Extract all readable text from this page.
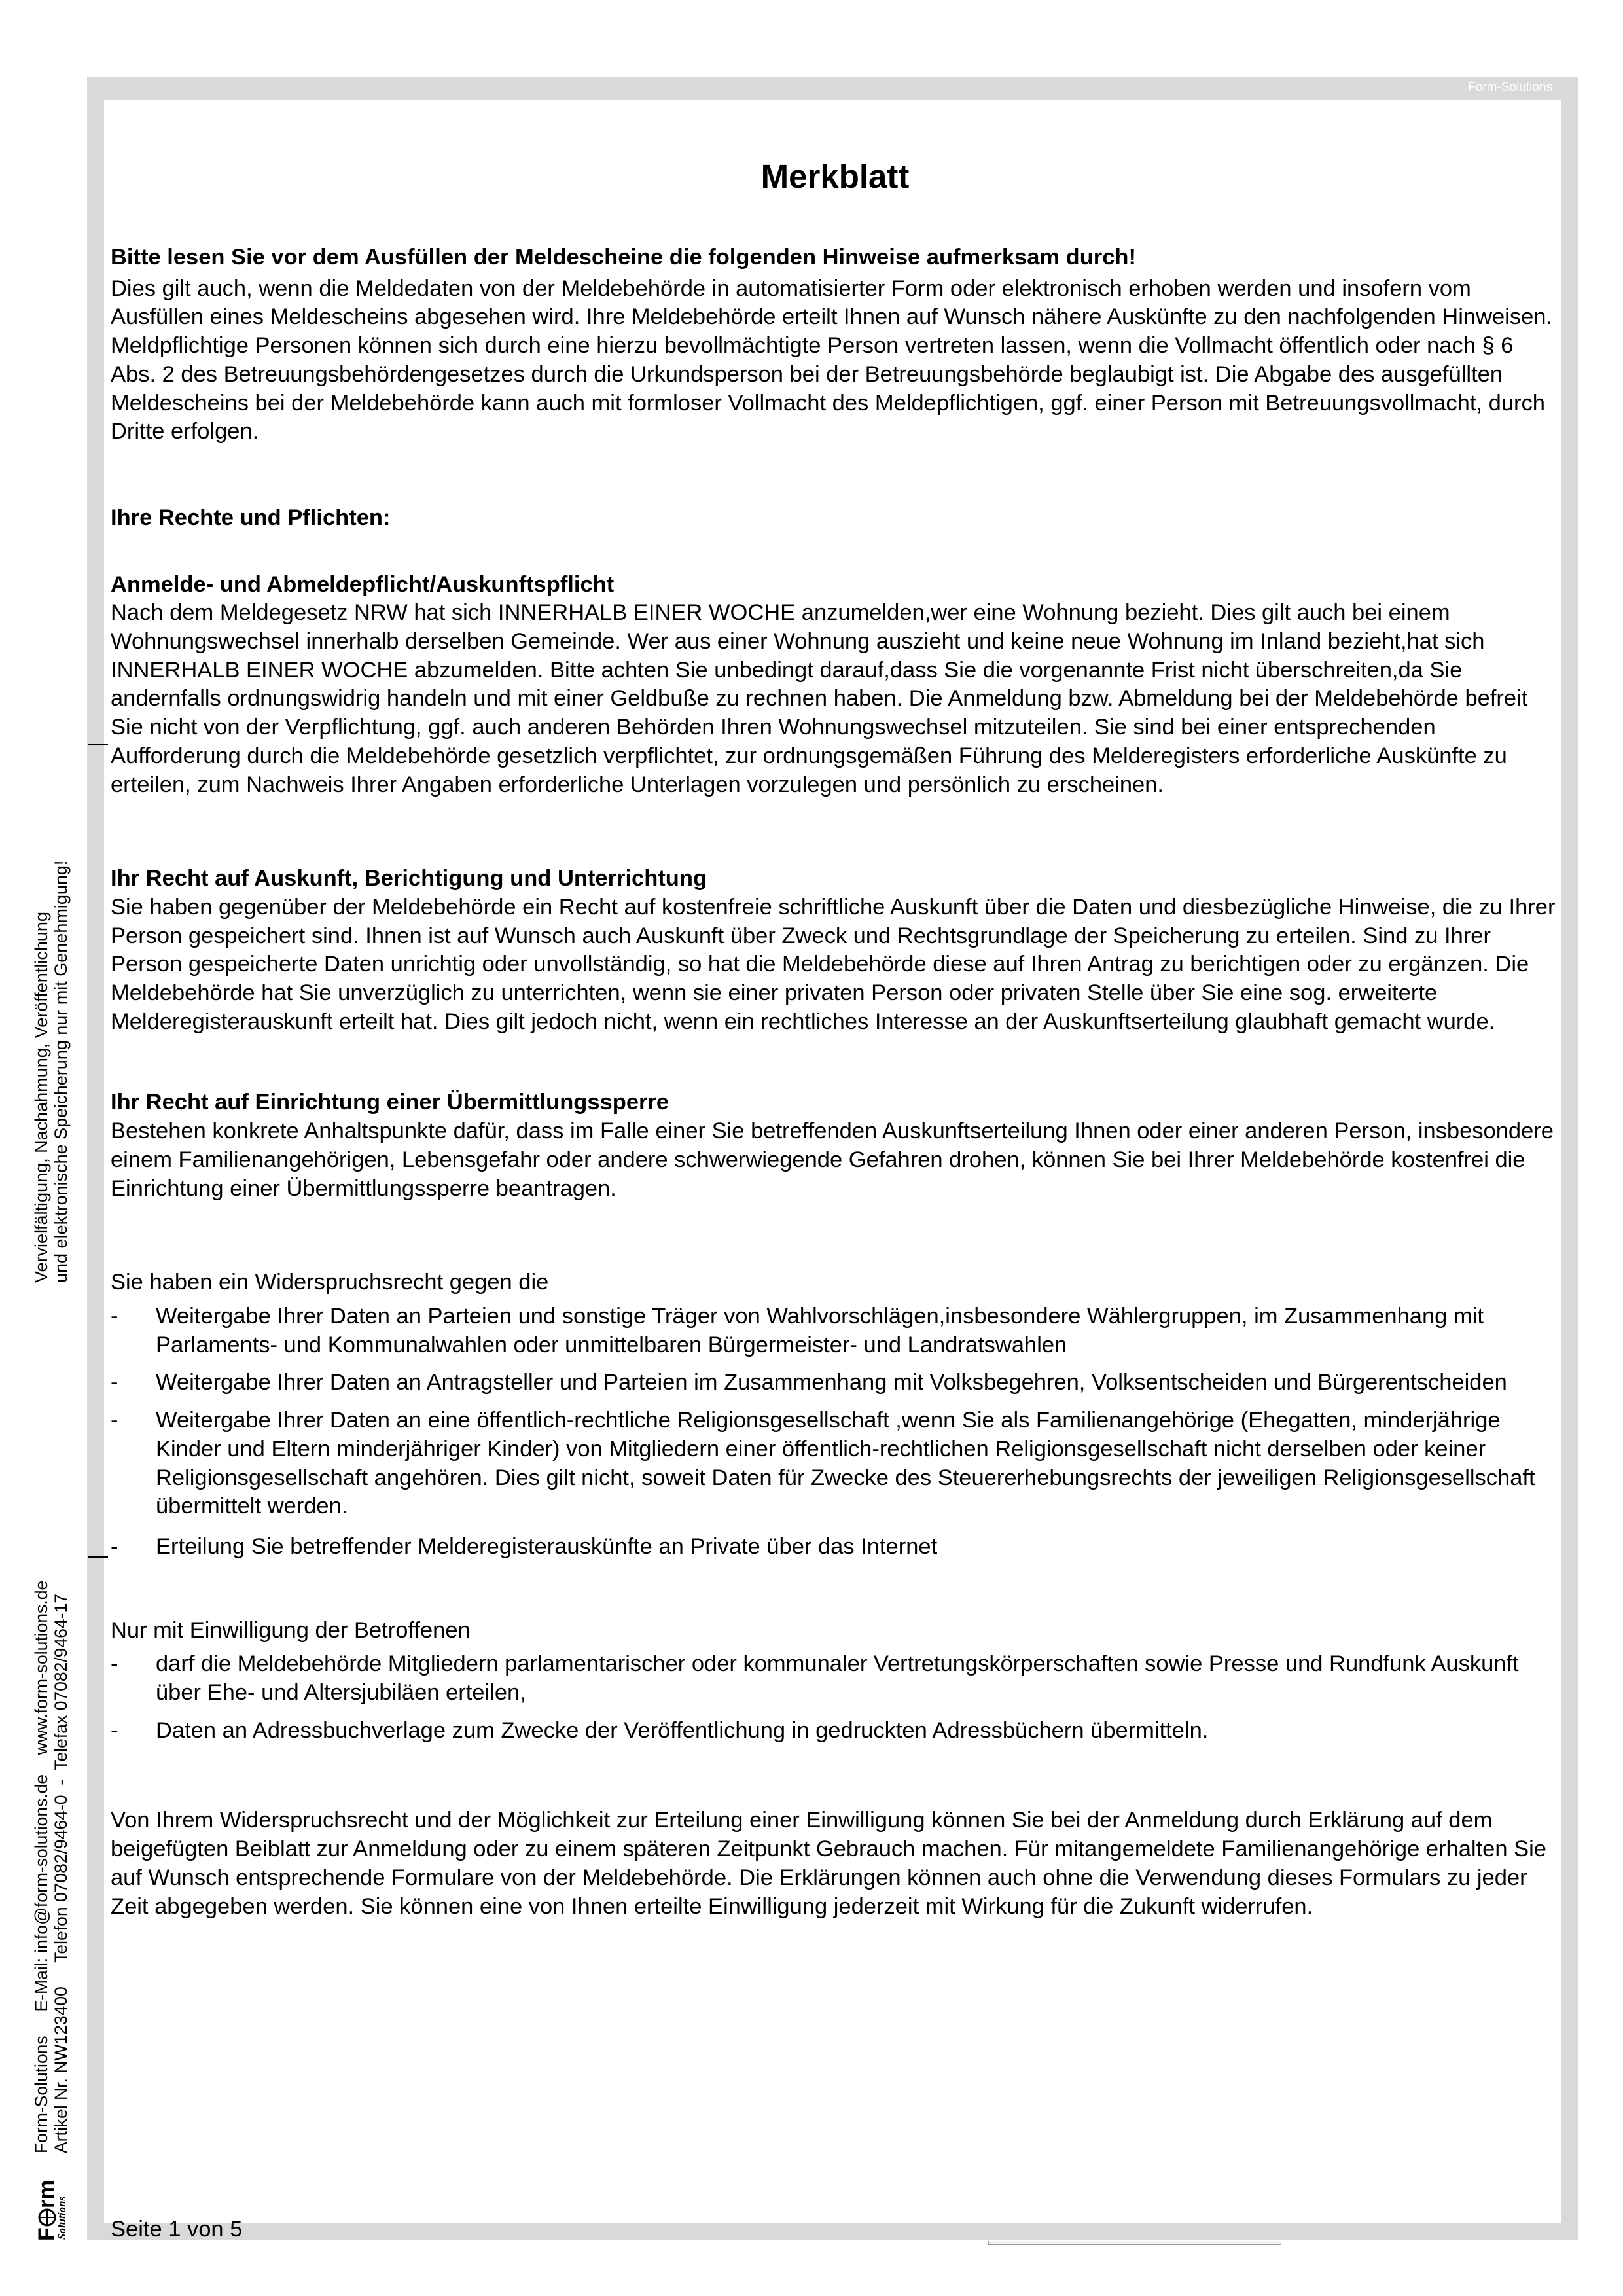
Form-Solutions
Vervielfältigung, Nachahmung, Veröffentlichung und elektronische Speicherung nur mit Genehmigung!
Form-Solutions     E-Mail: info@form-solutions.de    www.form-solutions.de Artikel Nr. NW123400     Telefon 07082/9464-0  -  Telefax 07082/9464-17
F
rm
Solutions
Merkblatt

Bitte lesen Sie vor dem Ausfüllen der Meldescheine die folgenden Hinweise aufmerksam durch!

Dies gilt auch, wenn die Meldedaten von der Meldebehörde in automatisierter Form oder elektronisch erhoben werden und insofern vom Ausfüllen eines Meldescheins abgesehen wird. Ihre Meldebehörde erteilt Ihnen auf Wunsch nähere Auskünfte zu den nachfolgenden Hinweisen. Meldpflichtige Personen können sich durch eine hierzu bevollmächtigte Person vertreten lassen, wenn die Vollmacht öffentlich oder nach § 6 Abs. 2 des Betreuungsbehördengesetzes durch die Urkundsperson bei der Betreuungsbehörde beglaubigt ist. Die Abgabe des ausgefüllten Meldescheins bei der Meldebehörde kann auch mit formloser Vollmacht des Meldepflichtigen, ggf. einer Person mit Betreuungsvollmacht, durch Dritte erfolgen.

Ihre Rechte und Pflichten:

Anmelde- und Abmeldepflicht/Auskunftspflicht

Nach dem Meldegesetz NRW hat sich INNERHALB EINER WOCHE anzumelden,wer eine Wohnung bezieht. Dies gilt auch bei einem Wohnungswechsel innerhalb derselben Gemeinde. Wer aus einer Wohnung auszieht und keine neue Wohnung im Inland bezieht,hat sich INNERHALB EINER WOCHE abzumelden. Bitte achten Sie unbedingt darauf,dass Sie die vorgenannte Frist nicht überschreiten,da Sie andernfalls ordnungswidrig handeln und mit einer Geldbuße zu rechnen haben. Die Anmeldung bzw. Abmeldung bei der Meldebehörde befreit Sie nicht von der Verpflichtung, ggf. auch anderen Behörden Ihren Wohnungswechsel mitzuteilen. Sie sind bei einer entsprechenden Aufforderung durch die Meldebehörde gesetzlich verpflichtet, zur ordnungsgemäßen Führung des Melderegisters erforderliche Auskünfte zu erteilen, zum Nachweis Ihrer Angaben erforderliche Unterlagen vorzulegen und persönlich zu erscheinen.

Ihr Recht auf Auskunft, Berichtigung und Unterrichtung

Sie haben gegenüber der Meldebehörde ein Recht auf kostenfreie schriftliche Auskunft über die Daten und diesbezügliche Hinweise, die zu Ihrer Person gespeichert sind. Ihnen ist auf Wunsch auch Auskunft über Zweck und Rechtsgrundlage der Speicherung zu erteilen. Sind zu Ihrer Person gespeicherte Daten unrichtig oder unvollständig, so hat die Meldebehörde diese auf Ihren Antrag zu berichtigen oder zu ergänzen. Die Meldebehörde hat Sie unverzüglich zu unterrichten, wenn sie einer privaten Person oder privaten Stelle über Sie eine sog. erweiterte Melderegisterauskunft erteilt hat. Dies gilt jedoch nicht, wenn ein rechtliches Interesse an der Auskunftserteilung glaubhaft gemacht wurde.

Ihr Recht auf Einrichtung einer Übermittlungssperre

Bestehen konkrete Anhaltspunkte dafür, dass im Falle einer Sie betreffenden Auskunftserteilung Ihnen oder einer anderen Person, insbesondere einem Familienangehörigen, Lebensgefahr oder andere schwerwiegende Gefahren drohen, können Sie bei Ihrer Meldebehörde kostenfrei die Einrichtung einer Übermittlungssperre beantragen.

Sie haben ein Widerspruchsrecht gegen die

- Weitergabe Ihrer Daten an Parteien und sonstige Träger von Wahlvorschlägen,insbesondere Wählergruppen, im Zusammenhang mit Parlaments- und Kommunalwahlen oder unmittelbaren Bürgermeister- und Landratswahlen
- Weitergabe Ihrer Daten an Antragsteller und Parteien im Zusammenhang mit Volksbegehren, Volksentscheiden und Bürgerentscheiden
- Weitergabe Ihrer Daten an eine öffentlich-rechtliche Religionsgesellschaft ,wenn Sie als Familienangehörige (Ehegatten, minderjährige Kinder und Eltern minderjähriger Kinder) von Mitgliedern einer öffentlich-rechtlichen Religionsgesellschaft nicht derselben oder keiner Religionsgesellschaft angehören. Dies gilt nicht, soweit Daten für Zwecke des Steuererhebungsrechts der jeweiligen Religionsgesellschaft übermittelt werden.
- Erteilung Sie betreffender Melderegisterauskünfte an Private über das Internet

Nur mit Einwilligung der Betroffenen

- darf die Meldebehörde Mitgliedern parlamentarischer oder kommunaler Vertretungskörperschaften sowie Presse und Rundfunk Auskunft über Ehe- und Altersjubiläen erteilen,
- Daten an Adressbuchverlage zum Zwecke der Veröffentlichung in gedruckten Adressbüchern übermitteln.

Von Ihrem Widerspruchsrecht und der Möglichkeit zur Erteilung einer Einwilligung können Sie bei der Anmeldung durch Erklärung auf dem beigefügten Beiblatt zur Anmeldung oder zu einem späteren Zeitpunkt Gebrauch machen. Für mitangemeldete Familienangehörige erhalten Sie auf Wunsch entsprechende Formulare von der Meldebehörde. Die Erklärungen können auch ohne die Verwendung dieses Formulars zu jeder Zeit abgegeben werden. Sie können eine von Ihnen erteilte Einwilligung jederzeit mit Wirkung für die Zukunft widerrufen.

Seite 1 von 5
